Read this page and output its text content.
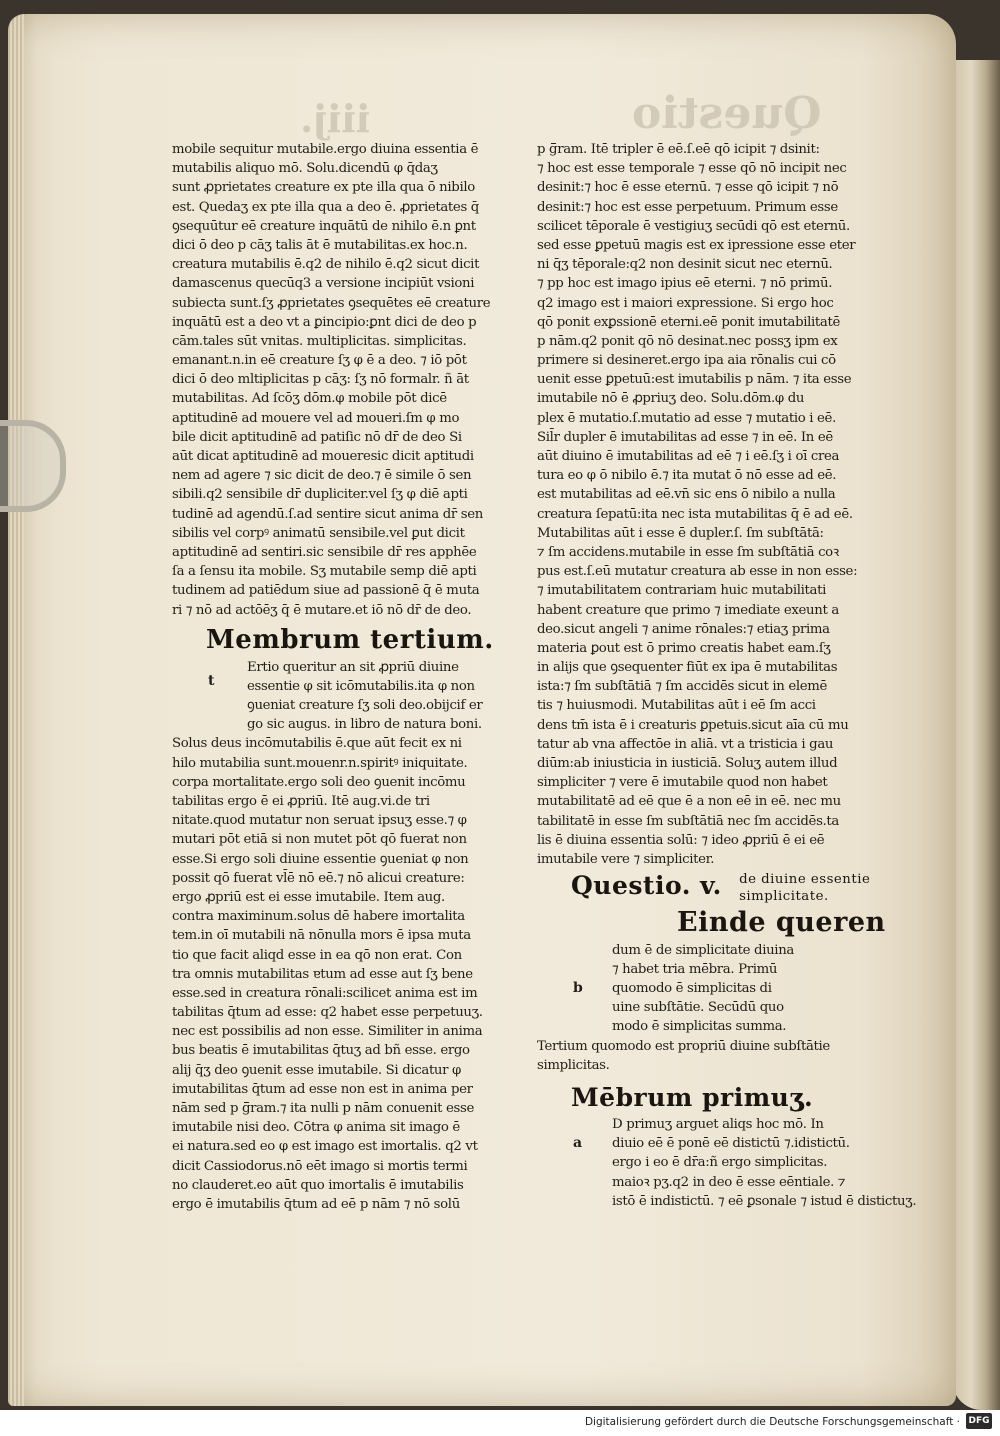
iiij.	Questio
mobile sequitur mutabile.ergo diuina essentia ē
mutabilis aliquo mō. Solu.dicendū φ q̄daʒ
sunt ꝓprietates creature ex pte illa qua ō nibilo
est. Quedaʒ ex pte illa qua a deo ē. ꝓprietates q̄
ꝯsequūtur eē creature inquātū de nihilo ē.n ꝑnt
dici ō deo p cāʒ talis āt ē mutabilitas.ex hoc.n.
creatura mutabilis ē.q2 de nihilo ē.q2 sicut dicit
damascenus quecūq3 a versione incipiūt vsioni
subiecta sunt.ſʒ ꝓprietates ꝯsequētes eē creature
inquātū est a deo vt a ꝑincipio:ꝑnt dici de deo p
cām.tales sūt vnitas. multiplicitas. simplicitas.
emanant.n.in eē creature ſʒ φ ē a deo. ⁊ iō pōt
dici ō deo mltiplicitas p cāʒ: ſʒ nō formalr. ñ āt
mutabilitas. Ad ſcōʒ dōm.φ mobile pōt dicē
aptitudinē ad mouere vel ad moueri.ſm φ mo
bile dicit aptitudinē ad patiſic nō dr̄ de deo Si
aūt dicat aptitudinē ad moueresic dicit aptitudi
nem ad agere ⁊ sic dicit de deo.⁊ ē simile ō sen
sibili.q2 sensibile dr̄ dupliciter.vel ſʒ φ diē apti
tudinē ad agendū.ſ.ad sentire sicut anima dr̄ sen
sibilis vel corpꝰ animatū sensibile.vel ꝑut dicit
aptitudinē ad sentiri.sic sensibile dr̄ res apphēe
ſa a ſensu ita mobile. Sʒ mutabile semp diē apti
tudinem ad patiēdum siue ad passionē q̄ ē muta
ri ⁊ nō ad actōēʒ q̄ ē mutare.et iō nō dr̄ de deo.
Membrum tertium.
t
Ertio queritur an sit ꝓpriū diuine
essentie φ sit icōmutabilis.ita φ non
ꝯueniat creature ſʒ soli deo.obijcif er
go sic augus. in libro de natura boni.
Solus deus incōmutabilis ē.que aūt fecit ex ni
hilo mutabilia sunt.mouenr.n.spiritꝰ iniquitate.
corpa mortalitate.ergo soli deo ꝯuenit incōmu
tabilitas ergo ē ei ꝓpriū. Itē aug.vi.de tri
nitate.quod mutatur non seruat ipsuʒ esse.⁊ φ
mutari pōt etiā si non mutet pōt qō fuerat non
esse.Si ergo soli diuine essentie ꝯueniat φ non
possit qō fuerat vl̄ē nō eē.⁊ nō alicui creature:
ergo ꝓpriū est ei esse imutabile. Item aug.
contra maximinum.solus dē habere imortalita
tem.in oī mutabili nā nōnulla mors ē ipsa muta
tio que facit aliqd esse in ea qō non erat. Con
tra omnis mutabilitas ɐtum ad esse aut ſʒ bene
esse.sed in creatura rōnali:scilicet anima est im
tabilitas q̄tum ad esse: q2 habet esse perpetuuʒ.
nec est possibilis ad non esse. Similiter in anima
bus beatis ē imutabilitas q̄tuʒ ad bñ esse. ergo
alij q̄ʒ deo ꝯuenit esse imutabile. Si dicatur φ
imutabilitas q̄tum ad esse non est in anima per
nām sed p ḡ̄ram.⁊ ita nulli p nām conuenit esse
imutabile nisi deo. Cōtra φ anima sit imago ē
ei natura.sed eo φ est imago est imortalis. q2 vt
dicit Cassiodorus.nō eēt imago si mortis termi
no clauderet.eo aūt quo imortalis ē imutabilis
ergo ē imutabilis q̄tum ad eē p nām ⁊ nō solū
p ḡ̄ram. Itē tripler ē eē.ſ.eē qō icipit ⁊ dsinit:
⁊ hoc est esse temporale ⁊ esse qō nō incipit nec
desinit:⁊ hoc ē esse eternū. ⁊ esse qō icipit ⁊ nō
desinit:⁊ hoc est esse perpetuum. Primum esse
scilicet tēporale ē vestigiuʒ secūdi qō est eternū.
sed esse ꝑpetuū magis est ex ipressione esse eter
ni q̄ʒ tēporale:q2 non desinit sicut nec eternū.
⁊ pp hoc est imago ipius eē eterni. ⁊ nō primū.
q2 imago est i maiori expressione. Si ergo hoc
qō ponit exꝑssionē eterni.eē ponit imutabilitatē
p nām.q2 ponit qō nō desinat.nec possʒ ipm ex
primere si desineret.ergo ipa aia rōnalis cui cō
uenit esse ꝑpetuū:est imutabilis p nām. ⁊ ita esse
imutabile nō ē ꝓpriuʒ deo. Solu.dōm.φ du
plex ē mutatio.ſ.mutatio ad esse ⁊ mutatio i eē.
Sil̄r dupler ē imutabilitas ad esse ⁊ in eē. In eē
aūt diuino ē imutabilitas ad eē ⁊ i eē.ſʒ i oī crea
tura eo φ ō nibilo ē.⁊ ita mutat ō nō esse ad eē.
est mutabilitas ad eē.vn̄ sic ens ō nibilo a nulla
creatura ſepatū:ita nec ista mutabilitas q̄ ē ad eē.
Mutabilitas aūt i esse ē dupler.ſ. ſm subſtātā:
⁊ ſm accidens.mutabile in esse ſm subſtātiā coꝛ
pus est.ſ.eū mutatur creatura ab esse in non esse:
⁊ imutabilitatem contrariam huic mutabilitati
habent creature que primo ⁊ imediate exeunt a
deo.sicut angeli ⁊ anime rōnales:⁊ etiaʒ prima
materia ꝑout est ō primo creatis habet eam.ſʒ
in alijs que ꝯsequenter fiūt ex ipa ē mutabilitas
ista:⁊ ſm subſtātiā ⁊ ſm accidēs sicut in elemē
tis ⁊ huiusmodi. Mutabilitas aūt i eē ſm acci
dens tm̄ ista ē i creaturis ꝑpetuis.sicut aīa cū mu
tatur ab vna affectōe in aliā. vt a tristicia i gau
diūm:ab iniusticia in iusticiā. Soluʒ autem illud
simpliciter ⁊ vere ē imutabile quod non habet
mutabilitatē ad eē que ē a non eē in eē. nec mu
tabilitatē in esse ſm subſtātiā nec ſm accidēs.ta
lis ē diuina essentia solū: ⁊ ideo ꝓpriū ē ei eē
imutabile vere ⁊ simpliciter.
Questio. v. de diuine essentie
simplicitate.
Einde queren
b
dum ē de simplicitate diuina
⁊ habet tria mēbra. Primū
quomodo ē simplicitas di
uine subſtātie. Secūdū quo
modo ē simplicitas summa.
Tertium quomodo est propriū diuine subſtātie
simplicitas.
Mēbrum primuʒ.
a
D primuʒ arguet aliqs hoc mō. In
diuio eē ē ponē eē distictū ⁊.idistictū.
ergo i eo ē dr̄a:ñ ergo simplicitas.
maioꝛ pʒ.q2 in deo ē esse eēntiale. ⁊
istō ē indistictū. ⁊ eē ꝑsonale ⁊ istud ē distictuʒ.
Digitalisierung gefördert durch die Deutsche Forschungsgemeinschaft · DFG
